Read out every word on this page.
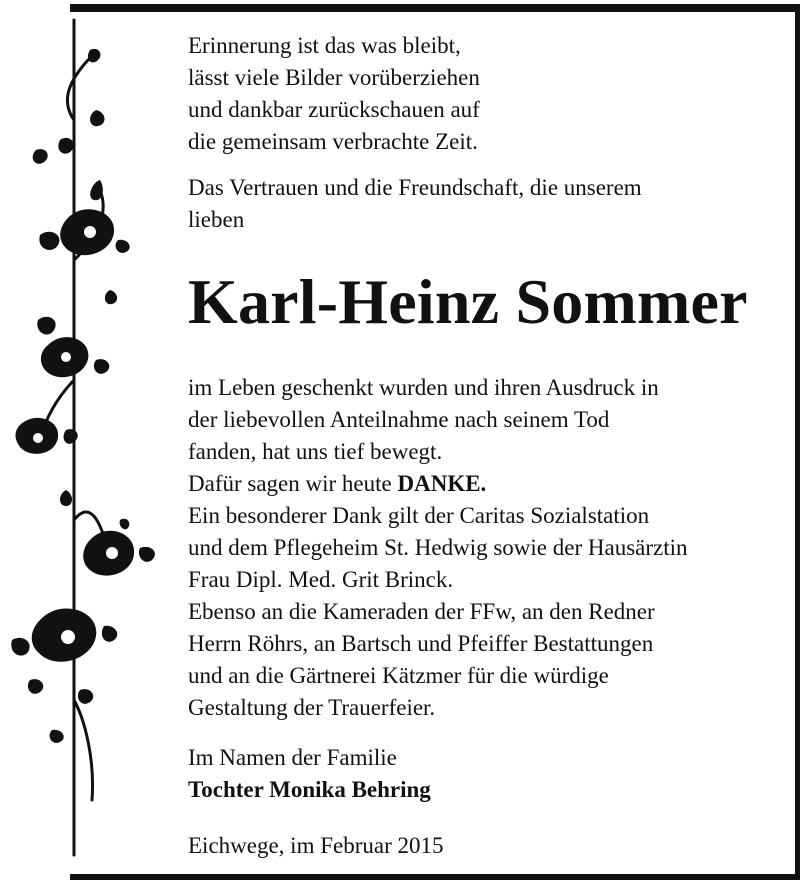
Erinnerung ist das was bleibt,

lässt viele Bilder vorüberziehen

und dankbar zurückschauen auf

die gemeinsam verbrachte Zeit.

Das Vertrauen und die Freundschaft, die unserem

lieben

Karl-Heinz Sommer

im Leben geschenkt wurden und ihren Ausdruck in

der liebevollen Anteilnahme nach seinem Tod

fanden, hat uns tief bewegt.

Dafür sagen wir heute DANKE.

Ein besonderer Dank gilt der Caritas Sozialstation

und dem Pflegeheim St. Hedwig sowie der Hausärztin

Frau Dipl. Med. Grit Brinck.

Ebenso an die Kameraden der FFw, an den Redner

Herrn Röhrs, an Bartsch und Pfeiffer Bestattungen

und an die Gärtnerei Kätzmer für die würdige

Gestaltung der Trauerfeier.

Im Namen der Familie

Tochter Monika Behring

Eichwege, im Februar 2015
